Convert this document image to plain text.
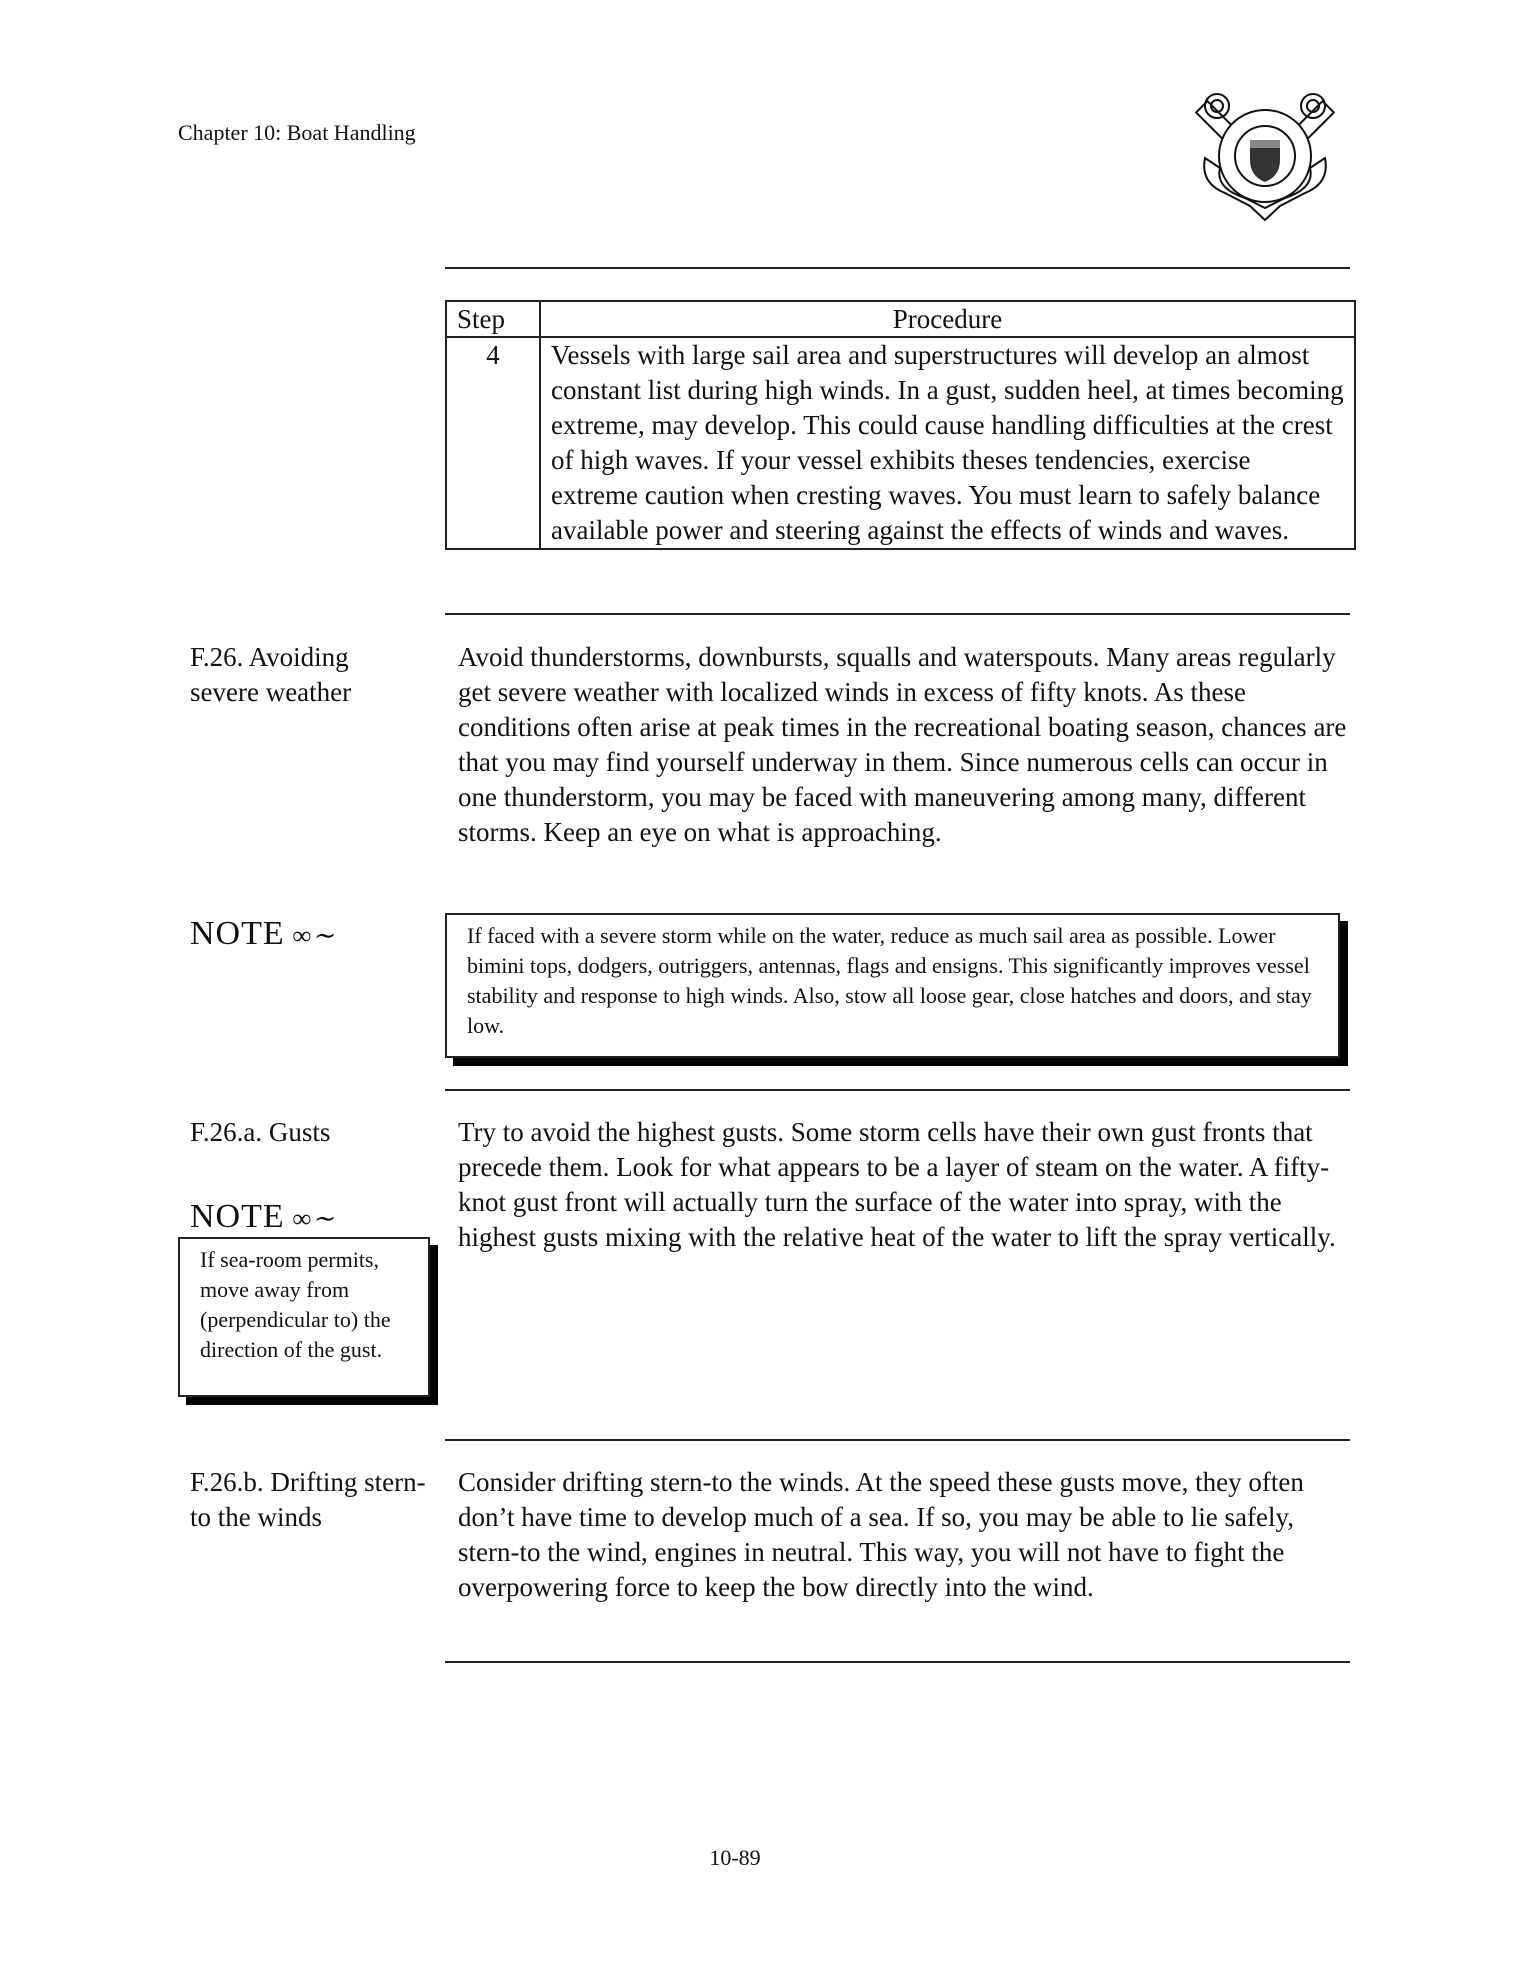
Chapter 10: Boat Handling
Step	Procedure
4	Vessels with large sail area and superstructures will develop an almost constant list during high winds. In a gust, sudden heel, at times becoming extreme, may develop. This could cause handling difficulties at the crest of high waves. If your vessel exhibits theses tendencies, exercise extreme caution when cresting waves. You must learn to safely balance available power and steering against the effects of winds and waves.
F.26. Avoiding severe weather
Avoid thunderstorms, downbursts, squalls and waterspouts. Many areas regularly get severe weather with localized winds in excess of fifty knots. As these conditions often arise at peak times in the recreational boating season, chances are that you may find yourself underway in them. Since numerous cells can occur in one thunderstorm, you may be faced with maneuvering among many, different storms. Keep an eye on what is approaching.
NOTE ∞∼	If faced with a severe storm while on the water, reduce as much sail area as possible. Lower bimini tops, dodgers, outriggers, antennas, flags and ensigns. This significantly improves vessel stability and response to high winds. Also, stow all loose gear, close hatches and doors, and stay low.
F.26.a. Gusts	Try to avoid the highest gusts. Some storm cells have their own gust fronts that precede them. Look for what appears to be a layer of steam on the water. A fifty-knot gust front will actually turn the surface of the water into spray, with the highest gusts mixing with the relative heat of the water to lift the spray vertically.
NOTE ∞∼
If sea-room permits, move away from (perpendicular to) the direction of the gust.
F.26.b. Drifting stern-to the winds
Consider drifting stern-to the winds. At the speed these gusts move, they often don’t have time to develop much of a sea. If so, you may be able to lie safely, stern-to the wind, engines in neutral. This way, you will not have to fight the overpowering force to keep the bow directly into the wind.
10-89
